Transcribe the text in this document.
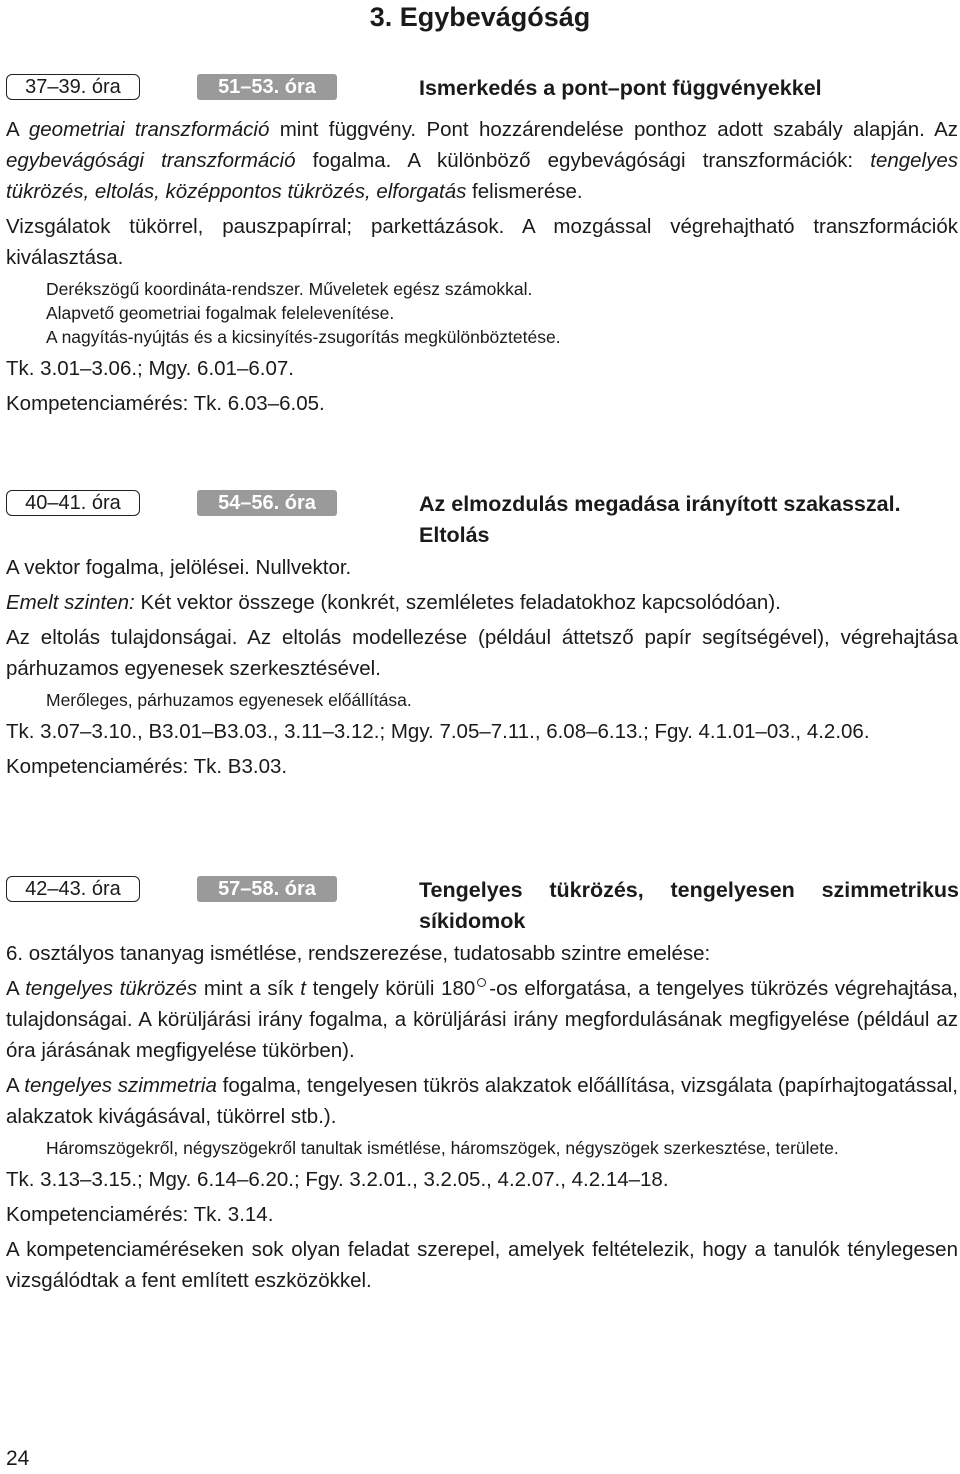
3. Egybevágóság
37–39. óra	51–53. óra	Ismerkedés a pont–pont függvényekkel

A geometriai transzformáció mint függvény. Pont hozzárendelése ponthoz adott szabály alapján. Az egybevágósági transzformáció fogalma. A különböző egybevágósági transzformációk: tengelyes tükrözés, eltolás, középpontos tükrözés, elforgatás felismerése.

Vizsgálatok tükörrel, pauszpapírral; parkettázások. A mozgással végrehajtható transzformációk kiválasztása.

Derékszögű koordináta-rendszer. Műveletek egész számokkal.

Alapvető geometriai fogalmak felelevenítése.

A nagyítás-nyújtás és a kicsinyítés-zsugorítás megkülönböztetése.

Tk. 3.01–3.06.; Mgy. 6.01–6.07.

Kompetenciamérés: Tk. 6.03–6.05.

40–41. óra	54–56. óra	Az elmozdulás megadása irányított szakasszal.
Eltolás

A vektor fogalma, jelölései. Nullvektor.

Emelt szinten: Két vektor összege (konkrét, szemléletes feladatokhoz kapcsolódóan).

Az eltolás tulajdonságai. Az eltolás modellezése (például áttetsző papír segítségével), végrehajtása párhuzamos egyenesek szerkesztésével.

Merőleges, párhuzamos egyenesek előállítása.

Tk. 3.07–3.10., B3.01–B3.03., 3.11–3.12.; Mgy. 7.05–7.11., 6.08–6.13.; Fgy. 4.1.01–03., 4.2.06.

Kompetenciamérés: Tk. B3.03.

42–43. óra	57–58. óra	Tengelyes tükrözés, tengelyesen szimmetrikus síkidomok

6. osztályos tananyag ismétlése, rendszerezése, tudatosabb szintre emelése:

A tengelyes tükrözés mint a sík t tengely körüli 180 -os elforgatása, a tengelyes tükrözés végrehajtása, tulajdonságai. A körüljárási irány fogalma, a körüljárási irány megfordulásának megfigyelése (például az óra járásának megfigyelése tükörben).

A tengelyes szimmetria fogalma, tengelyesen tükrös alakzatok előállítása, vizsgálata (papírhajtogatással, alakzatok kivágásával, tükörrel stb.).

Háromszögekről, négyszögekről tanultak ismétlése, háromszögek, négyszögek szerkesztése, területe.

Tk. 3.13–3.15.; Mgy. 6.14–6.20.; Fgy. 3.2.01., 3.2.05., 4.2.07., 4.2.14–18.

Kompetenciamérés: Tk. 3.14.

A kompetenciaméréseken sok olyan feladat szerepel, amelyek feltételezik, hogy a tanulók ténylegesen vizsgálódtak a fent említett eszközökkel.

24
